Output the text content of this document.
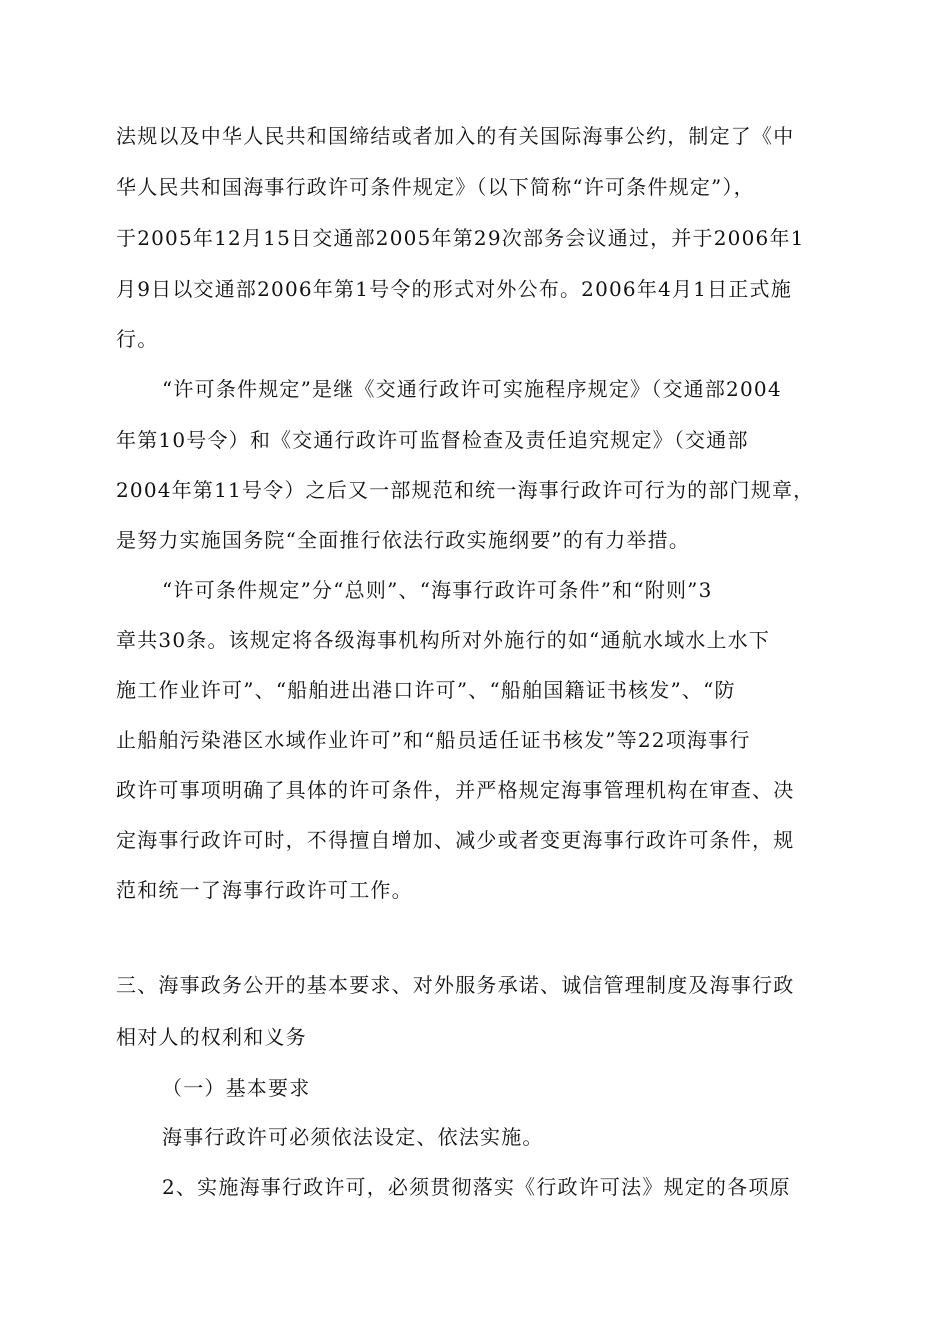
法规以及中华人民共和国缔结或者加入的有关国际海事公约，制定了《中
华人民共和国海事行政许可条件规定》（以下简称“许可条件规定”），
于2005年12月15日交通部2005年第29次部务会议通过，并于2006年1
月9日以交通部2006年第1号令的形式对外公布。2006年4月1日正式施
行。
“许可条件规定”是继《交通行政许可实施程序规定》（交通部2004
年第10号令）和《交通行政许可监督检查及责任追究规定》（交通部
2004年第11号令）之后又一部规范和统一海事行政许可行为的部门规章，
是努力实施国务院“全面推行依法行政实施纲要”的有力举措。
“许可条件规定”分“总则”、“海事行政许可条件”和“附则”3
章共30条。该规定将各级海事机构所对外施行的如“通航水域水上水下
施工作业许可”、“船舶进出港口许可”、“船舶国籍证书核发”、“防
止船舶污染港区水域作业许可”和“船员适任证书核发”等22项海事行
政许可事项明确了具体的许可条件，并严格规定海事管理机构在审查、决
定海事行政许可时，不得擅自增加、减少或者变更海事行政许可条件，规
范和统一了海事行政许可工作。
三、海事政务公开的基本要求、对外服务承诺、诚信管理制度及海事行政
相对人的权利和义务
（一）基本要求
海事行政许可必须依法设定、依法实施。
2、实施海事行政许可，必须贯彻落实《行政许可法》规定的各项原
